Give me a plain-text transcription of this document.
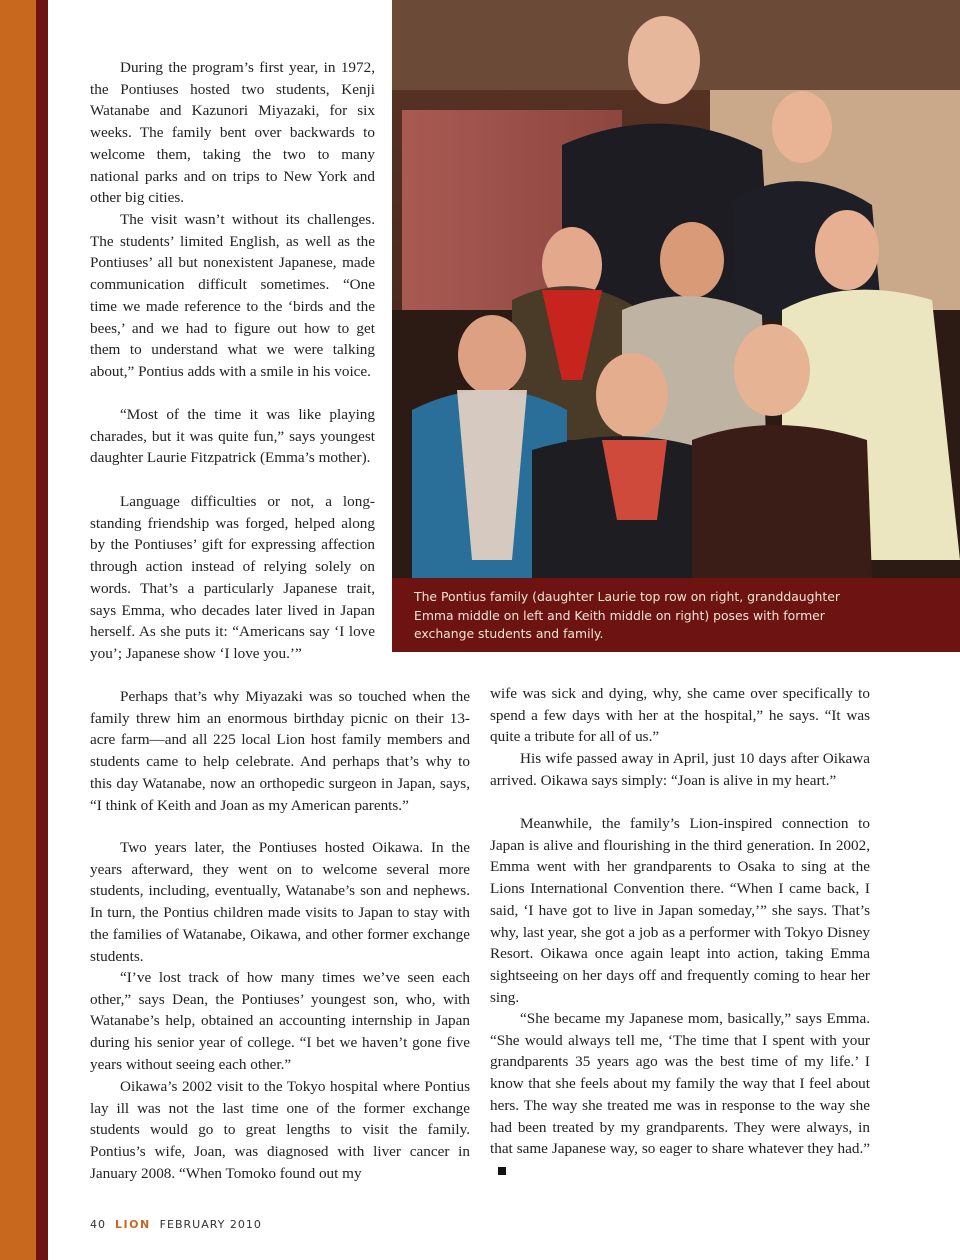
During the program’s first year, in 1972, the Pontiuses hosted two students, Kenji Watanabe and Kazunori Miyazaki, for six weeks. The family bent over backwards to welcome them, taking the two to many national parks and on trips to New York and other big cities.

The visit wasn’t without its challenges. The students’ limited English, as well as the Pontiuses’ all but nonexistent Japanese, made communication difficult sometimes. “One time we made reference to the ‘birds and the bees,’ and we had to figure out how to get them to understand what we were talking about,” Pontius adds with a smile in his voice.

“Most of the time it was like playing charades, but it was quite fun,” says youngest daughter Laurie Fitzpatrick (Emma’s mother).

Language difficulties or not, a long-standing friendship was forged, helped along by the Pontiuses’ gift for expressing affection through action instead of relying solely on words. That’s a particularly Japanese trait, says Emma, who decades later lived in Japan herself. As she puts it: “Americans say ‘I love you’; Japanese show ‘I love you.’”

The Pontius family (daughter Laurie top row on right, granddaughter Emma middle on left and Keith middle on right) poses with former exchange students and family.

Perhaps that’s why Miyazaki was so touched when the family threw him an enormous birthday picnic on their 13-acre farm—and all 225 local Lion host family members and students came to help celebrate. And perhaps that’s why to this day Watanabe, now an orthopedic surgeon in Japan, says, “I think of Keith and Joan as my American parents.”

Two years later, the Pontiuses hosted Oikawa. In the years afterward, they went on to welcome several more students, including, eventually, Watanabe’s son and nephews. In turn, the Pontius children made visits to Japan to stay with the families of Watanabe, Oikawa, and other former exchange students.

“I’ve lost track of how many times we’ve seen each other,” says Dean, the Pontiuses’ youngest son, who, with Watanabe’s help, obtained an accounting internship in Japan during his senior year of college. “I bet we haven’t gone five years without seeing each other.”

Oikawa’s 2002 visit to the Tokyo hospital where Pontius lay ill was not the last time one of the former exchange students would go to great lengths to visit the family. Pontius’s wife, Joan, was diagnosed with liver cancer in January 2008. “When Tomoko found out my

wife was sick and dying, why, she came over specifically to spend a few days with her at the hospital,” he says. “It was quite a tribute for all of us.”

His wife passed away in April, just 10 days after Oikawa arrived. Oikawa says simply: “Joan is alive in my heart.”

Meanwhile, the family’s Lion-inspired connection to Japan is alive and flourishing in the third generation. In 2002, Emma went with her grandparents to Osaka to sing at the Lions International Convention there. “When I came back, I said, ‘I have got to live in Japan someday,’” she says. That’s why, last year, she got a job as a performer with Tokyo Disney Resort. Oikawa once again leapt into action, taking Emma sightseeing on her days off and frequently coming to hear her sing.

“She became my Japanese mom, basically,” says Emma. “She would always tell me, ‘The time that I spent with your grandparents 35 years ago was the best time of my life.’ I know that she feels about my family the way that I feel about hers. The way she treated me was in response to the way she had been treated by my grandparents. They were always, in that same Japanese way, so eager to share whatever they had.”

40 LION FEBRUARY 2010
